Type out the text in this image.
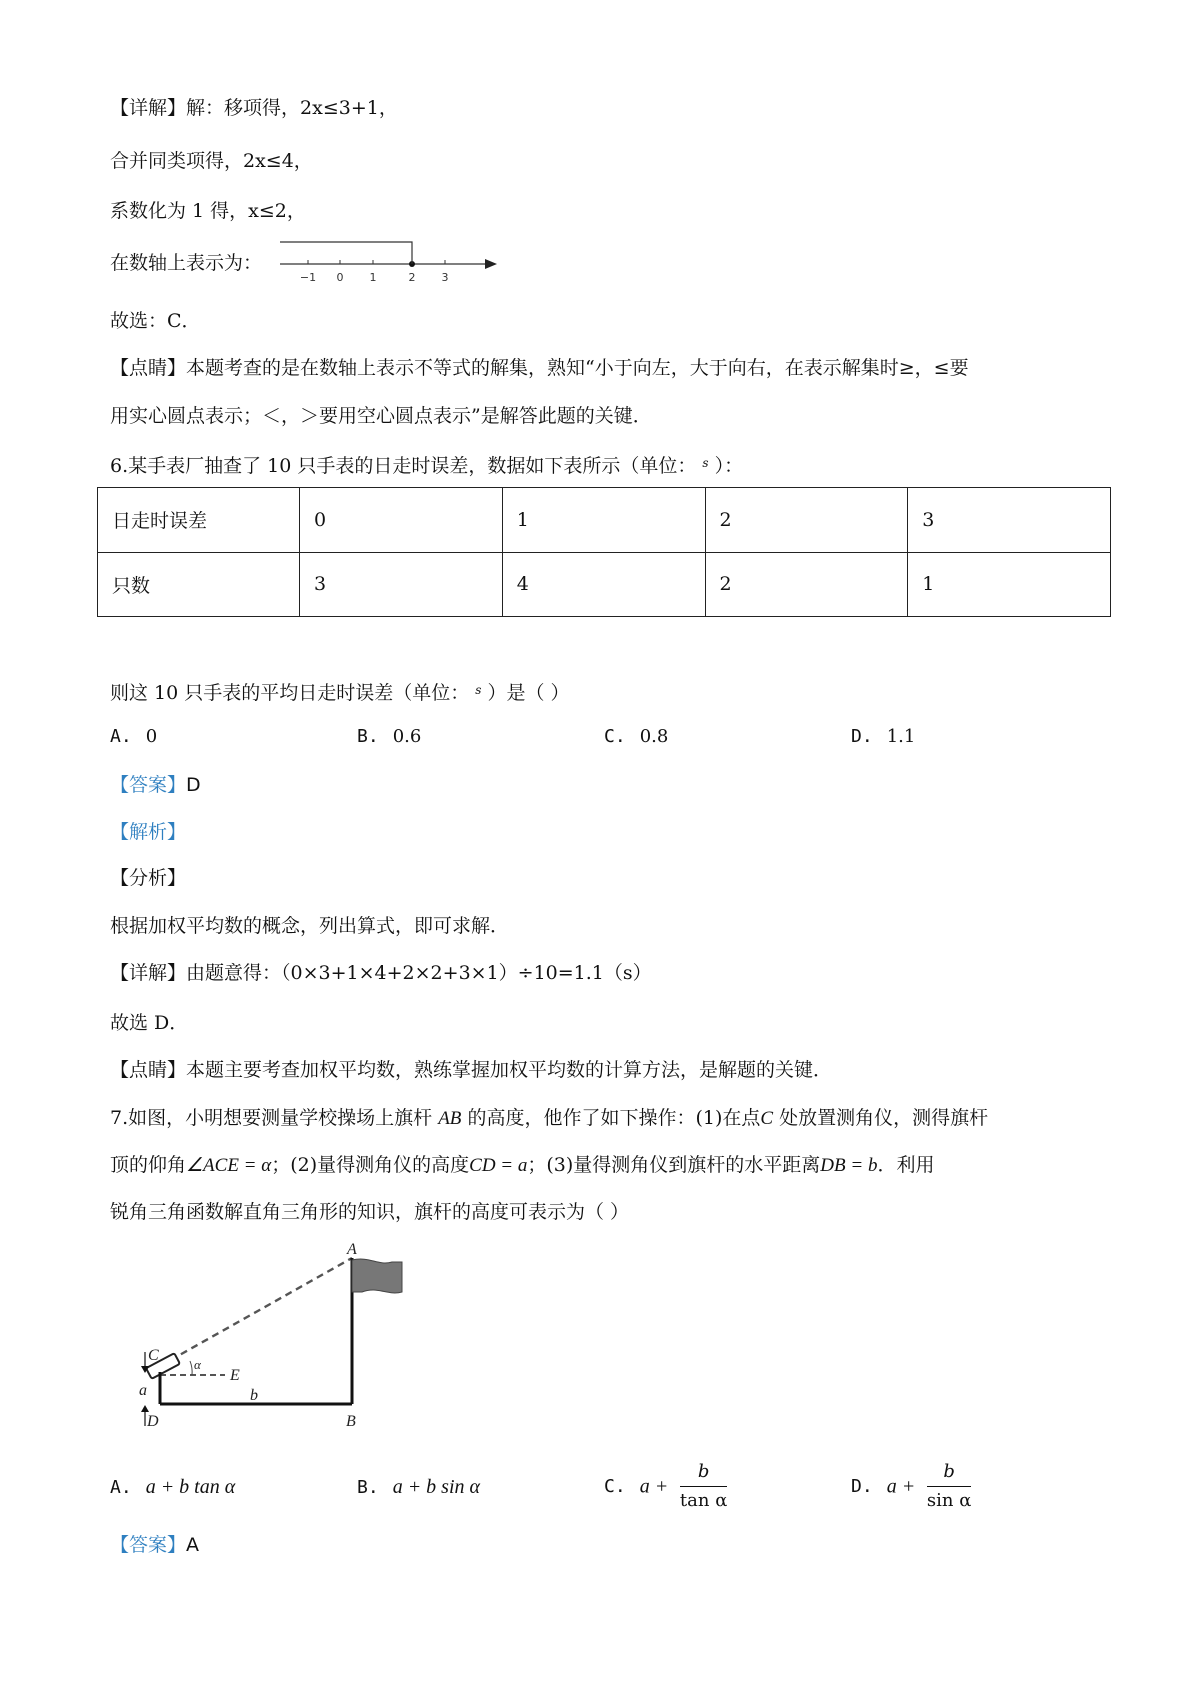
【详解】解：移项得，2x≤3+1，
合并同类项得，2x≤4，
系数化为 1 得，x≤2，
在数轴上表示为：
−1 0 1	2 3
故选：C．
【点睛】本题考查的是在数轴上表示不等式的解集，熟知“小于向左，大于向右，在表示解集时≥，≤要
用实心圆点表示；＜，＞要用空心圆点表示”是解答此题的关键．
6.某手表厂抽查了 10 只手表的日走时误差，数据如下表所示（单位： $^s$ ）：
日走时误差	0	1	2	3
只数	3	4	2	1
则这 10 只手表的平均日走时误差（单位： $^s$ ）是（ ）
A. 0	B. 0.6	C. 0.8	D. 1.1
【答案】D
【解析】
【分析】
根据加权平均数的概念，列出算式，即可求解．
【详解】由题意得：（0×3+1×4+2×2+3×1）÷10=1.1（s）
故选 D．
【点睛】本题主要考查加权平均数，熟练掌握加权平均数的计算方法，是解题的关键．
7.如图，小明想要测量学校操场上旗杆 AB 的高度，他作了如下操作：(1)在点C 处放置测角仪，测得旗杆
顶的仰角∠ACE = α；(2)量得测角仪的高度CD = a；(3)量得测角仪到旗杆的水平距离DB = b．利用
锐角三角函数解直角三角形的知识，旗杆的高度可表示为（ ）
A
B
C
D
E
α
a	b
A. a + b tan α	B. a + b sin α	C. $a + \frac{b}{\text{tan α}}$	D. $a + \frac{b}{\text{sin α}}$
【答案】A
